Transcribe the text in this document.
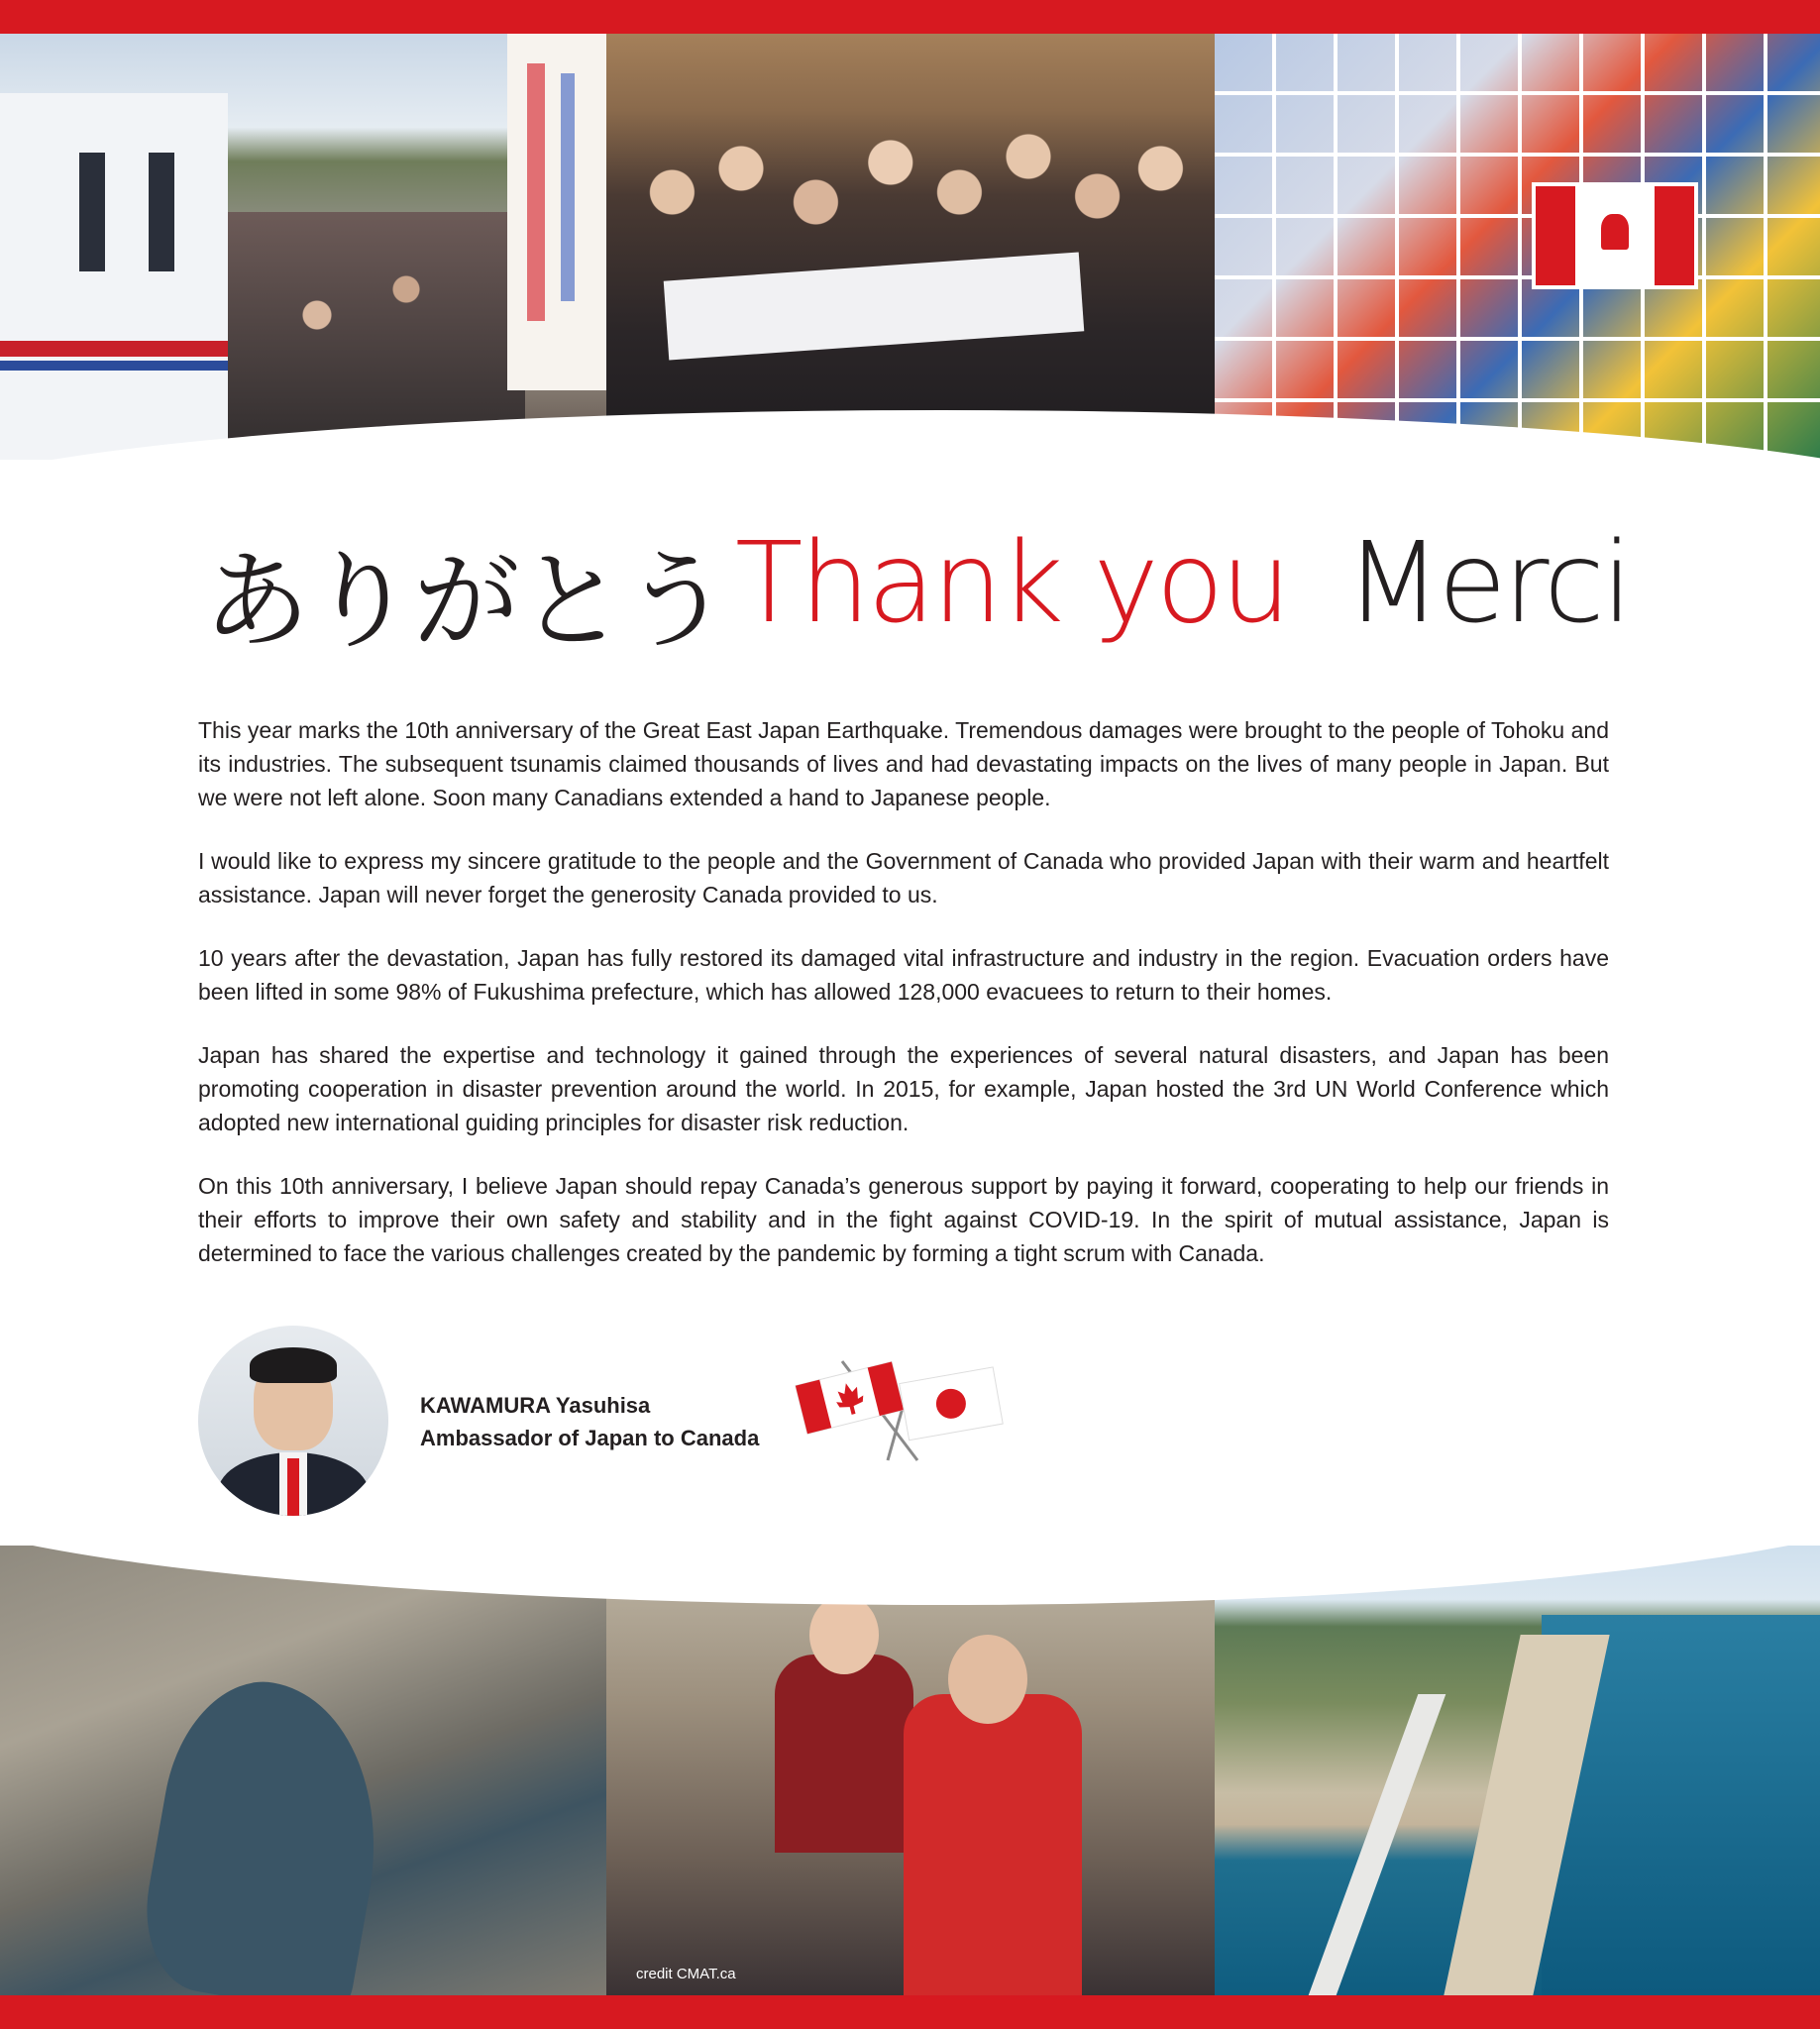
ありがとう Thank you Merci

This year marks the 10th anniversary of the Great East Japan Earthquake. Tremendous damages were brought to the people of Tohoku and its industries. The subsequent tsunamis claimed thousands of lives and had devastating impacts on the lives of many people in Japan. But we were not left alone. Soon many Canadians extended a hand to Japanese people.

I would like to express my sincere gratitude to the people and the Government of Canada who provided Japan with their warm and heartfelt assistance. Japan will never forget the generosity Canada provided to us.

10 years after the devastation, Japan has fully restored its damaged vital infrastructure and industry in the region. Evacuation orders have been lifted in some 98% of Fukushima prefecture, which has allowed 128,000 evacuees to return to their homes.

Japan has shared the expertise and technology it gained through the experiences of several natural disasters, and Japan has been promoting cooperation in disaster prevention around the world. In 2015, for example, Japan hosted the 3rd UN World Conference which adopted new international guiding principles for disaster risk reduction.

On this 10th anniversary, I believe Japan should repay Canada’s generous support by paying it forward, cooperating to help our friends in their efforts to improve their own safety and stability and in the fight against COVID-19. In the spirit of mutual assistance, Japan is determined to face the various challenges created by the pandemic by forming a tight scrum with Canada.

KAWAMURA Yasuhisa
Ambassador of Japan to Canada
credit CMAT.ca
